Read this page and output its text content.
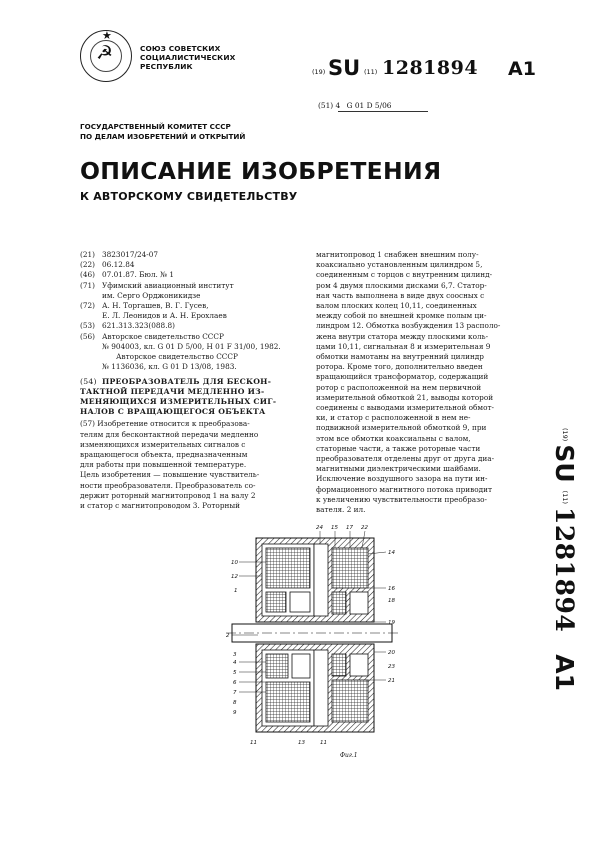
★
☭	СОЮЗ СОВЕТСКИХ
СОЦИАЛИСТИЧЕСКИХ
РЕСПУБЛИК
(19) SU (11) 1281894 A1
(51) 4 G 01 D 5/06
ГОСУДАРСТВЕННЫЙ КОМИТЕТ СССР
ПО ДЕЛАМ ИЗОБРЕТЕНИЙ И ОТКРЫТИЙ
ОПИСАНИЕ ИЗОБРЕТЕНИЯ
К АВТОРСКОМУ СВИДЕТЕЛЬСТВУ
(21) 3823017/24-07

(22) 06.12.84

(46) 07.01.87. Бюл. № 1

(71) Уфимский авиационный институт

им. Серго Орджоникидзе

(72) А. Н. Торгашев, В. Г. Гусев,

Е. Л. Леонидов и А. Н. Ерохлаев

(53) 621.313.323(088.8)

(56) Авторское свидетельство СССР

№ 904003, кл. G 01 D 5/00, Н 01 F 31/00, 1982.

Авторское свидетельство СССР

№ 1136036, кл. G 01 D 13/08, 1983.

(54) ПРЕОБРАЗОВАТЕЛЬ ДЛЯ БЕСКОН-

ТАКТНОЙ ПЕРЕДАЧИ МЕДЛЕННО ИЗ-

МЕНЯЮЩИХСЯ ИЗМЕРИТЕЛЬНЫХ СИГ-

НАЛОВ С ВРАЩАЮЩЕГОСЯ ОБЪЕКТА

(57) Изобретение относится к преобразова-

телям для бесконтактной передачи медленно

изменяющихся измерительных сигналов с

вращающегося объекта, предназначенным

для работы при повышенной температуре.

Цель изобретения — повышение чувствитель-

ности преобразователя. Преобразователь со-

держит роторный магнитопровод 1 на валу 2

и статор с магнитопроводом 3. Роторный

магнитопровод 1 снабжен внешним полу-

коаксиально установленным цилиндром 5,

соединенным с торцов с внутренним цилинд-

ром 4 двумя плоскими дисками 6,7. Статор-

ная часть выполнена в виде двух соосных с

валом плоских колец 10,11, соединенных

между собой по внешней кромке полым ци-

линдром 12. Обмотка возбуждения 13 располо-

жена внутри статора между плоскими коль-

цами 10,11, сигнальная 8 и измерительная 9

обмотки намотаны на внутренний цилиндр

ротора. Кроме того, дополнительно введен

вращающийся трансформатор, содержащий

ротор с расположенной на нем первичной

измерительной обмоткой 21, выводы которой

соединены с выводами измерительной обмот-

ки, и статор с расположенной в нем не-

подвижной измерительной обмоткой 9, при

этом все обмотки коаксиальны с валом,

статорные части, а также роторные части

преобразователя отделены друг от друга диа-

магнитными диэлектрическими шайбами.

Исключение воздушного зазора на пути ин-

формационного магнитного потока приводит

к увеличению чувствительности преобразо-

вателя. 2 ил.

(19)
SU
(11)
1281894
A1
24 15 17 22
10
12
1
2
3
4
5
6
7
8
9
14
16
18
19
20
23
21
11	13	11
Фиг.1
